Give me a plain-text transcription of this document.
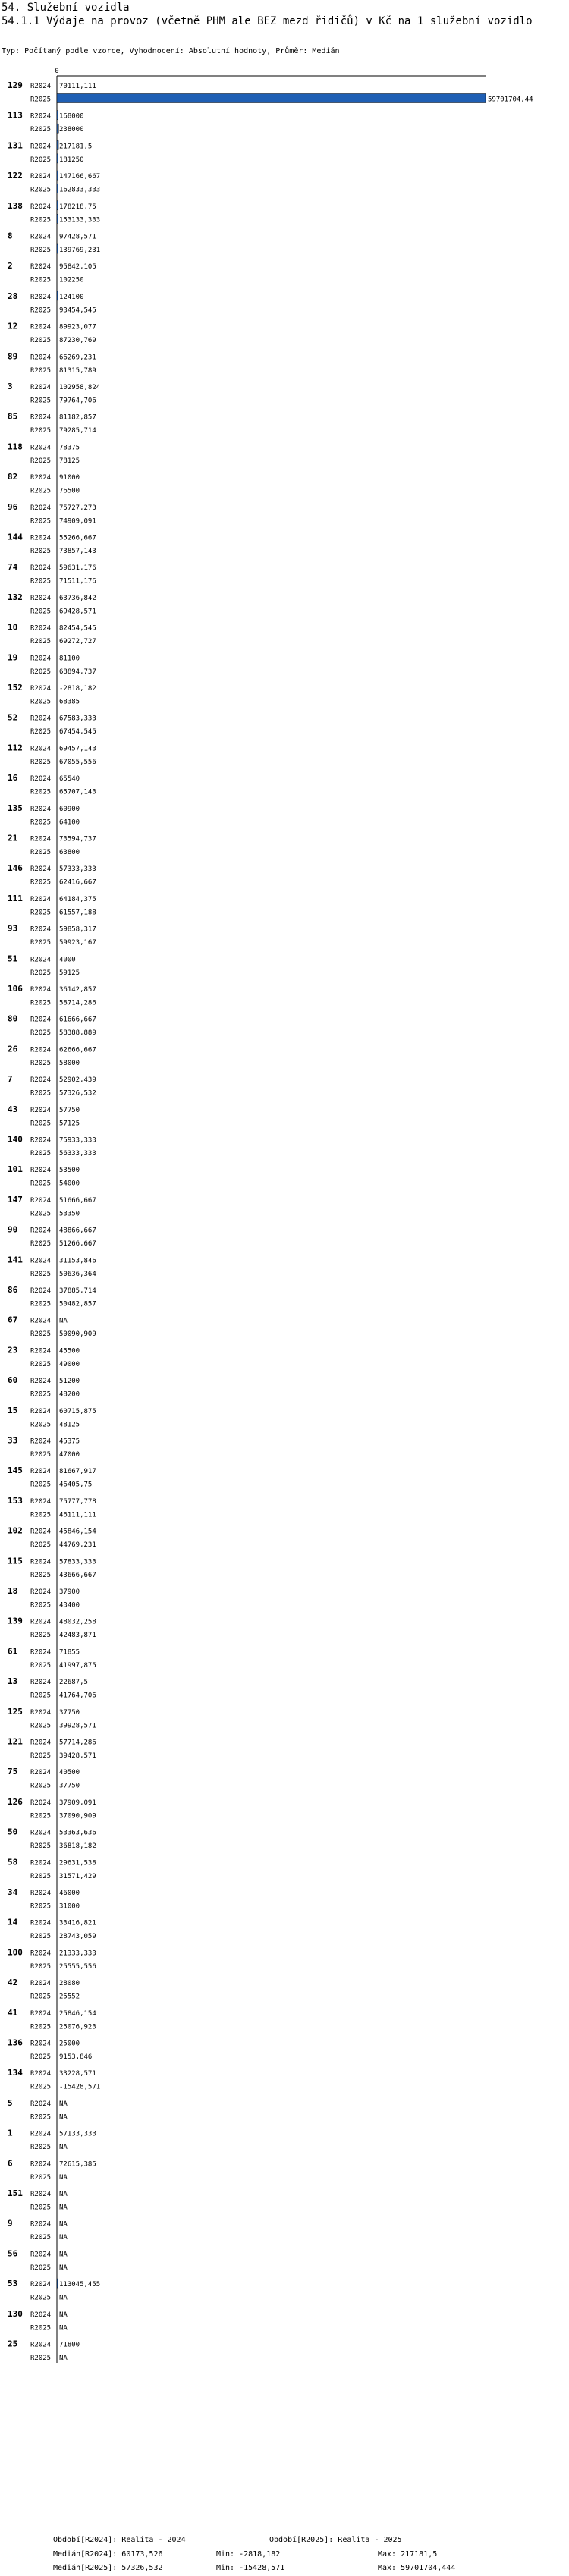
54. Služební vozidla
54.1.1 Výdaje na provoz (včetně PHM ale BEZ mezd řidičů) v Kč na 1 služební vozidlo
Typ: Počítaný podle vzorce, Vyhodnocení: Absolutní hodnoty, Průměr: Medián
0
129 R2024 70111,111
R2025	59701704,44
113 R2024 168000
R2025 238000
131 R2024 217181,5
R2025 181250
122 R2024 147166,667
R2025 162833,333
138 R2024 178218,75
R2025 153133,333
8	R2024 97428,571
R2025 139769,231
2	R2024 95842,105
R2025 102250
28 R2024 124100
R2025 93454,545
12 R2024 89923,077
R2025 87230,769
89 R2024 66269,231
R2025 81315,789
3	R2024 102958,824
R2025 79764,706
85 R2024 81182,857
R2025 79285,714
118 R2024 78375
R2025 78125
82 R2024 91000
R2025 76500
96 R2024 75727,273
R2025 74909,091
144 R2024 55266,667
R2025 73857,143
74 R2024 59631,176
R2025 71511,176
132 R2024 63736,842
R2025 69428,571
10 R2024 82454,545
R2025 69272,727
19 R2024 81100
R2025 68894,737
152 R2024 -2818,182
R2025 68385
52 R2024 67583,333
R2025 67454,545
112 R2024 69457,143
R2025 67055,556
16 R2024 65540
R2025 65707,143
135 R2024 60900
R2025 64100
21 R2024 73594,737
R2025 63800
146 R2024 57333,333
R2025 62416,667
111 R2024 64184,375
R2025 61557,188
93 R2024 59858,317
R2025 59923,167
51 R2024 4000
R2025 59125
106 R2024 36142,857
R2025 58714,286
80 R2024 61666,667
R2025 58388,889
26 R2024 62666,667
R2025 58000
7	R2024 52902,439
R2025 57326,532
43 R2024 57750
R2025 57125
140 R2024 75933,333
R2025 56333,333
101 R2024 53500
R2025 54000
147 R2024 51666,667
R2025 53350
90 R2024 48866,667
R2025 51266,667
141 R2024 31153,846
R2025 50636,364
86 R2024 37885,714
R2025 50482,857
67 R2024 NA
R2025 50090,909
23 R2024 45500
R2025 49000
60 R2024 51200
R2025 48200
15 R2024 60715,875
R2025 48125
33 R2024 45375
R2025 47000
145 R2024 81667,917
R2025 46405,75
153 R2024 75777,778
R2025 46111,111
102 R2024 45846,154
R2025 44769,231
115 R2024 57833,333
R2025 43666,667
18 R2024 37900
R2025 43400
139 R2024 48032,258
R2025 42483,871
61 R2024 71855
R2025 41997,875
13 R2024 22687,5
R2025 41764,706
125 R2024 37750
R2025 39928,571
121 R2024 57714,286
R2025 39428,571
75 R2024 40500
R2025 37750
126 R2024 37909,091
R2025 37090,909
50 R2024 53363,636
R2025 36818,182
58 R2024 29631,538
R2025 31571,429
34 R2024 46000
R2025 31000
14 R2024 33416,821
R2025 28743,059
100 R2024 21333,333
R2025 25555,556
42 R2024 28080
R2025 25552
41 R2024 25846,154
R2025 25076,923
136 R2024 25000
R2025 9153,846
134 R2024 33228,571
R2025 -15428,571
5	R2024 NA
R2025 NA
1	R2024 57133,333
R2025 NA
6	R2024 72615,385
R2025 NA
151 R2024 NA
R2025 NA
9	R2024 NA
R2025 NA
56 R2024 NA
R2025 NA
53 R2024 113045,455
R2025 NA
130 R2024 NA
R2025 NA
25 R2024 71800
R2025 NA
Období[R2024]: Realita - 2024	Období[R2025]: Realita - 2025
Medián[R2024]: 60173,526	Min: -2818,182	Max: 217181,5
Medián[R2025]: 57326,532	Min: -15428,571	Max: 59701704,444
